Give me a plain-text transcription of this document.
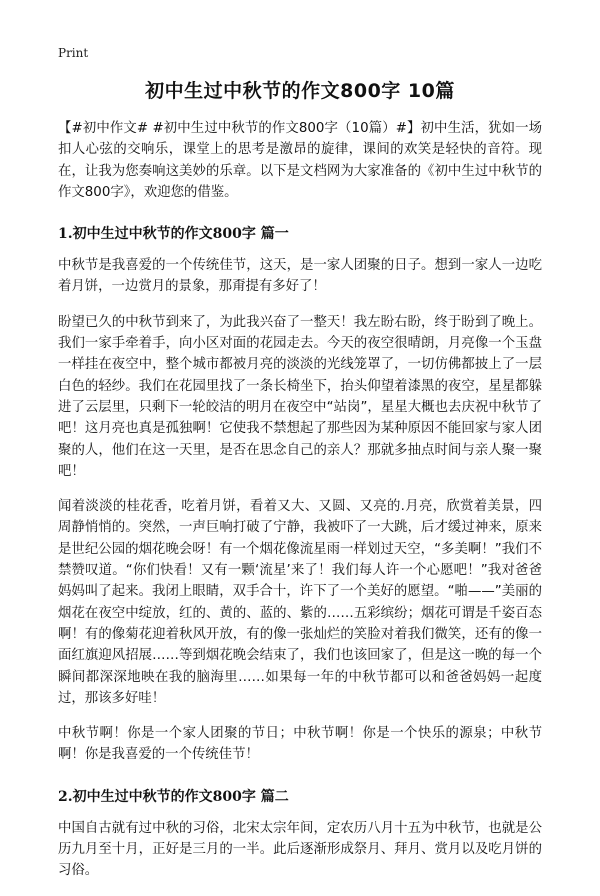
Print
初中生过中秋节的作文800字 10篇

【#初中作文# #初中生过中秋节的作文800字（10篇）#】初中生活，犹如一场扣人心弦的交响乐，课堂上的思考是激昂的旋律，课间的欢笑是轻快的音符。现在，让我为您奏响这美妙的乐章。以下是文档网为大家准备的《初中生过中秋节的作文800字》，欢迎您的借鉴。

1.初中生过中秋节的作文800字 篇一

中秋节是我喜爱的一个传统佳节，这天，是一家人团聚的日子。想到一家人一边吃着月饼，一边赏月的景象，那甭提有多好了！

盼望已久的中秋节到来了，为此我兴奋了一整天！我左盼右盼，终于盼到了晚上。我们一家手牵着手，向小区对面的花园走去。今天的夜空很晴朗，月亮像一个玉盘一样挂在夜空中，整个城市都被月亮的淡淡的光线笼罩了，一切仿佛都披上了一层白色的轻纱。我们在花园里找了一条长椅坐下，抬头仰望着漆黑的夜空，星星都躲进了云层里，只剩下一轮皎洁的明月在夜空中“站岗”，星星大概也去庆祝中秋节了吧！这月亮也真是孤独啊！它使我不禁想起了那些因为某种原因不能回家与家人团聚的人，他们在这一天里，是否在思念自己的亲人？那就多抽点时间与亲人聚一聚吧！

闻着淡淡的桂花香，吃着月饼，看着又大、又圆、又亮的.月亮，欣赏着美景，四周静悄悄的。突然，一声巨响打破了宁静，我被吓了一大跳，后才缓过神来，原来是世纪公园的烟花晚会呀！有一个烟花像流星雨一样划过天空，“多美啊！”我们不禁赞叹道。“你们快看！又有一颗‘流星’来了！我们每人许一个心愿吧！”我对爸爸妈妈叫了起来。我闭上眼睛，双手合十，许下了一个美好的愿望。“啪——”美丽的烟花在夜空中绽放，红的、黄的、蓝的、紫的……五彩缤纷；烟花可谓是千姿百态啊！有的像菊花迎着秋风开放，有的像一张灿烂的笑脸对着我们微笑，还有的像一面红旗迎风招展……等到烟花晚会结束了，我们也该回家了，但是这一晚的每一个瞬间都深深地映在我的脑海里……如果每一年的中秋节都可以和爸爸妈妈一起度过，那该多好哇！

中秋节啊！你是一个家人团聚的节日；中秋节啊！你是一个快乐的源泉；中秋节啊！你是我喜爱的一个传统佳节！

2.初中生过中秋节的作文800字 篇二

中国自古就有过中秋的习俗，北宋太宗年间，定农历八月十五为中秋节，也就是公历九月至十月，正好是三月的一半。此后逐渐形成祭月、拜月、赏月以及吃月饼的习俗。
